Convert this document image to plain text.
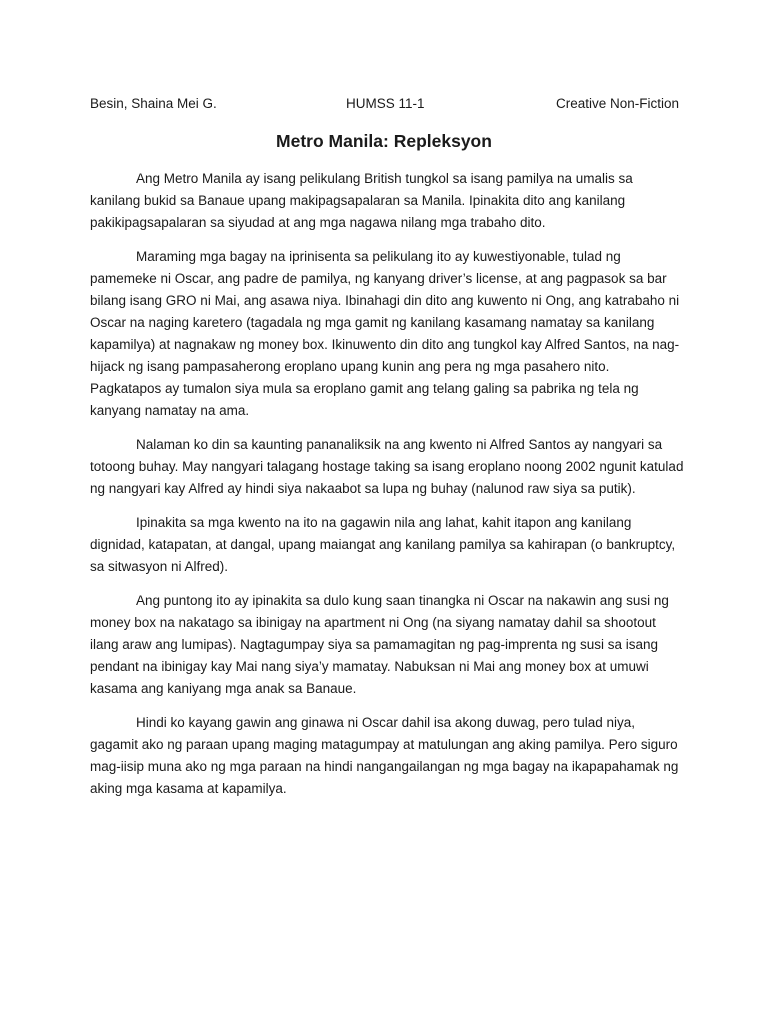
Besin, Shaina Mei G.	HUMSS 11-1	Creative Non-Fiction
Metro Manila: Repleksyon

Ang Metro Manila ay isang pelikulang British tungkol sa isang pamilya na umalis sa kanilang bukid sa Banaue upang makipagsapalaran sa Manila. Ipinakita dito ang kanilang pakikipagsapalaran sa siyudad at ang mga nagawa nilang mga trabaho dito.

Maraming mga bagay na iprinisenta sa pelikulang ito ay kuwestiyonable, tulad ng pamemeke ni Oscar, ang padre de pamilya, ng kanyang driver’s license, at ang pagpasok sa bar bilang isang GRO ni Mai, ang asawa niya. Ibinahagi din dito ang kuwento ni Ong, ang katrabaho ni Oscar na naging karetero (tagadala ng mga gamit ng kanilang kasamang namatay sa kanilang kapamilya) at nagnakaw ng money box. Ikinuwento din dito ang tungkol kay Alfred Santos, na nag-hijack ng isang pampasaherong eroplano upang kunin ang pera ng mga pasahero nito. Pagkatapos ay tumalon siya mula sa eroplano gamit ang telang galing sa pabrika ng tela ng kanyang namatay na ama.

Nalaman ko din sa kaunting pananaliksik na ang kwento ni Alfred Santos ay nangyari sa totoong buhay. May nangyari talagang hostage taking sa isang eroplano noong 2002 ngunit katulad ng nangyari kay Alfred ay hindi siya nakaabot sa lupa ng buhay (nalunod raw siya sa putik).

Ipinakita sa mga kwento na ito na gagawin nila ang lahat, kahit itapon ang kanilang dignidad, katapatan, at dangal, upang maiangat ang kanilang pamilya sa kahirapan (o bankruptcy, sa sitwasyon ni Alfred).

Ang puntong ito ay ipinakita sa dulo kung saan tinangka ni Oscar na nakawin ang susi ng money box na nakatago sa ibinigay na apartment ni Ong (na siyang namatay dahil sa shootout ilang araw ang lumipas). Nagtagumpay siya sa pamamagitan ng pag-imprenta ng susi sa isang pendant na ibinigay kay Mai nang siya’y mamatay. Nabuksan ni Mai ang money box at umuwi kasama ang kaniyang mga anak sa Banaue.

Hindi ko kayang gawin ang ginawa ni Oscar dahil isa akong duwag, pero tulad niya, gagamit ako ng paraan upang maging matagumpay at matulungan ang aking pamilya. Pero siguro mag-iisip muna ako ng mga paraan na hindi nangangailangan ng mga bagay na ikapapahamak ng aking mga kasama at kapamilya.
